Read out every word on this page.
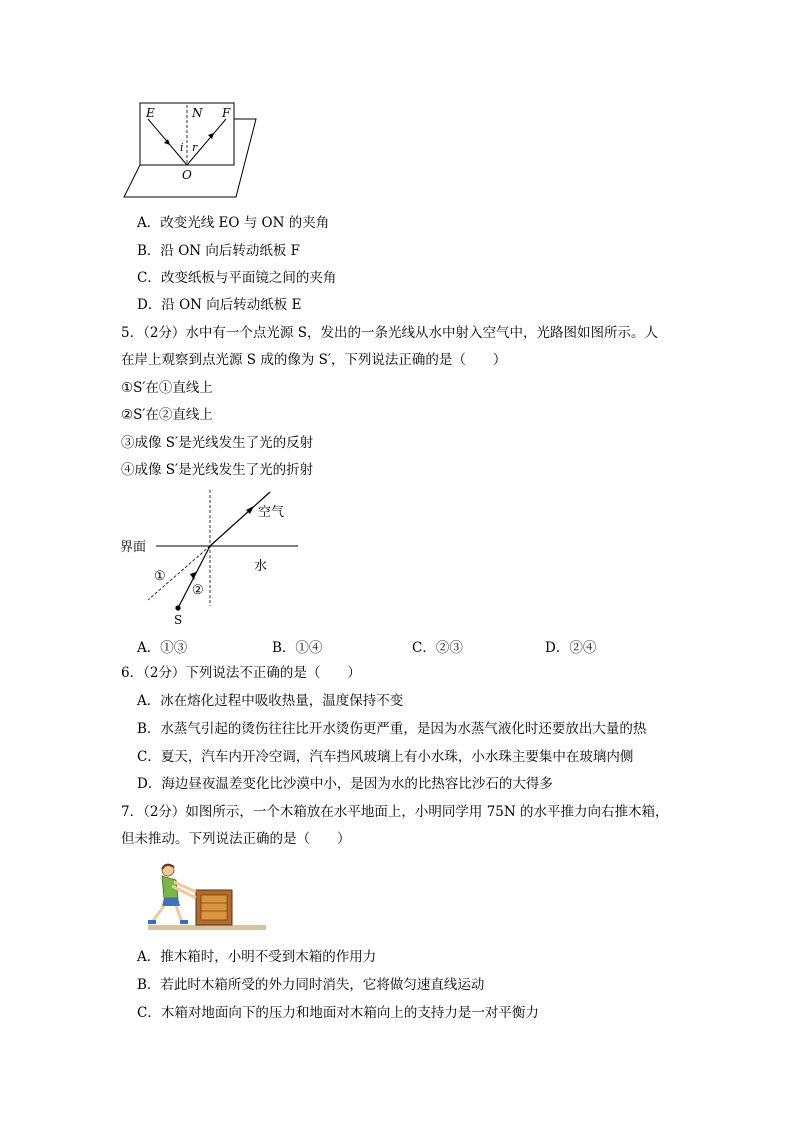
E	N F
i r
O
A．改变光线 EO 与 ON 的夹角
B．沿 ON 向后转动纸板 F
C．改变纸板与平面镜之间的夹角
D．沿 ON 向后转动纸板 E
5．（2分）水中有一个点光源 S，发出的一条光线从水中射入空气中，光路图如图所示。人
在岸上观察到点光源 S 成的像为 S′，下列说法正确的是（　　）
①S′在①直线上
②S′在②直线上
③成像 S′是光线发生了光的反射
④成像 S′是光线发生了光的折射
空气
界面
水
①
②
S
A．①③	B．①④	C．②③	D．②④
6．（2分）下列说法不正确的是（　　）
A．冰在熔化过程中吸收热量，温度保持不变
B．水蒸气引起的烫伤往往比开水烫伤更严重，是因为水蒸气液化时还要放出大量的热
C．夏天，汽车内开冷空调，汽车挡风玻璃上有小水珠，小水珠主要集中在玻璃内侧
D．海边昼夜温差变化比沙漠中小，是因为水的比热容比沙石的大得多
7．（2分）如图所示，一个木箱放在水平地面上，小明同学用 75N 的水平推力向右推木箱，
但未推动。下列说法正确的是（　　）
A．推木箱时，小明不受到木箱的作用力
B．若此时木箱所受的外力同时消失，它将做匀速直线运动
C．木箱对地面向下的压力和地面对木箱向上的支持力是一对平衡力
